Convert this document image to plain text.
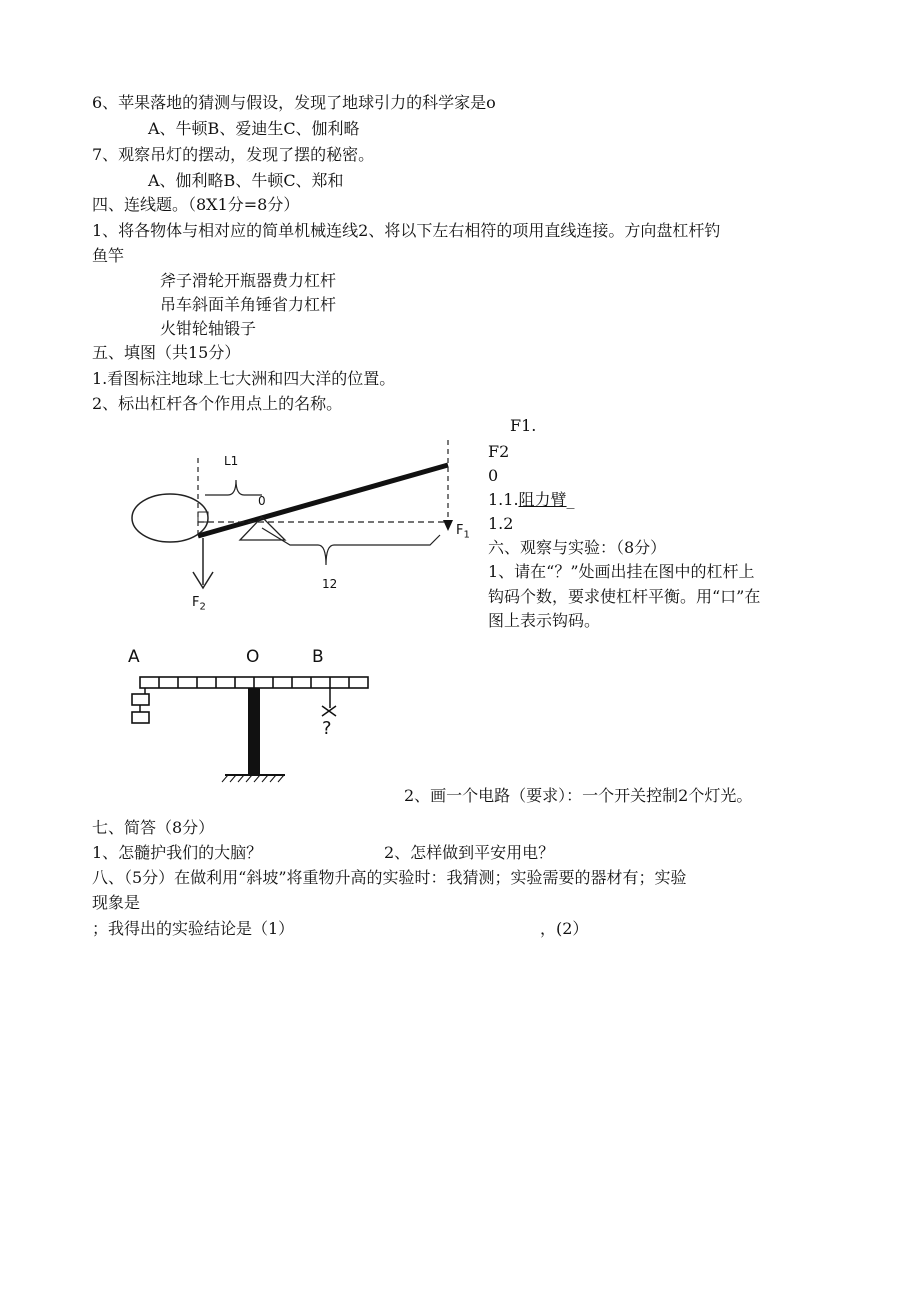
6、苹果落地的猜测与假设，发现了地球引力的科学家是o
A、牛顿B、爱迪生C、伽利略
7、观察吊灯的摆动，发现了摆的秘密。
A、伽利略B、牛顿C、郑和
四、连线题。（8X1分=8分）
1、将各物体与相对应的简单机械连线2、将以下左右相符的项用直线连接。方向盘杠杆钓
鱼竿
斧子滑轮开瓶器费力杠杆
吊车斜面羊角锤省力杠杆
火钳轮轴锻子
五、填图（共15分）
1.看图标注地球上七大洲和四大洋的位置。
2、标出杠杆各个作用点上的名称。
F1.
F2
0
1.1.阻力臂_
1.2
六、观察与实验：（8分）
1、请在“？”处画出挂在图中的杠杆上
钩码个数，要求使杠杆平衡。用“口”在
图上表示钩码。
L1
0
$F_1$
$F_2$
12
A	O	B
?
2、画一个电路（要求）：一个开关控制2个灯光。
七、简答（8分）
1、怎髓护我们的大脑？	2、怎样做到平安用电？
八、（5分）在做利用“斜坡”将重物升高的实验时：我猜测；实验需要的器材有；实验
现象是
；我得出的实验结论是（1）	，(2）
